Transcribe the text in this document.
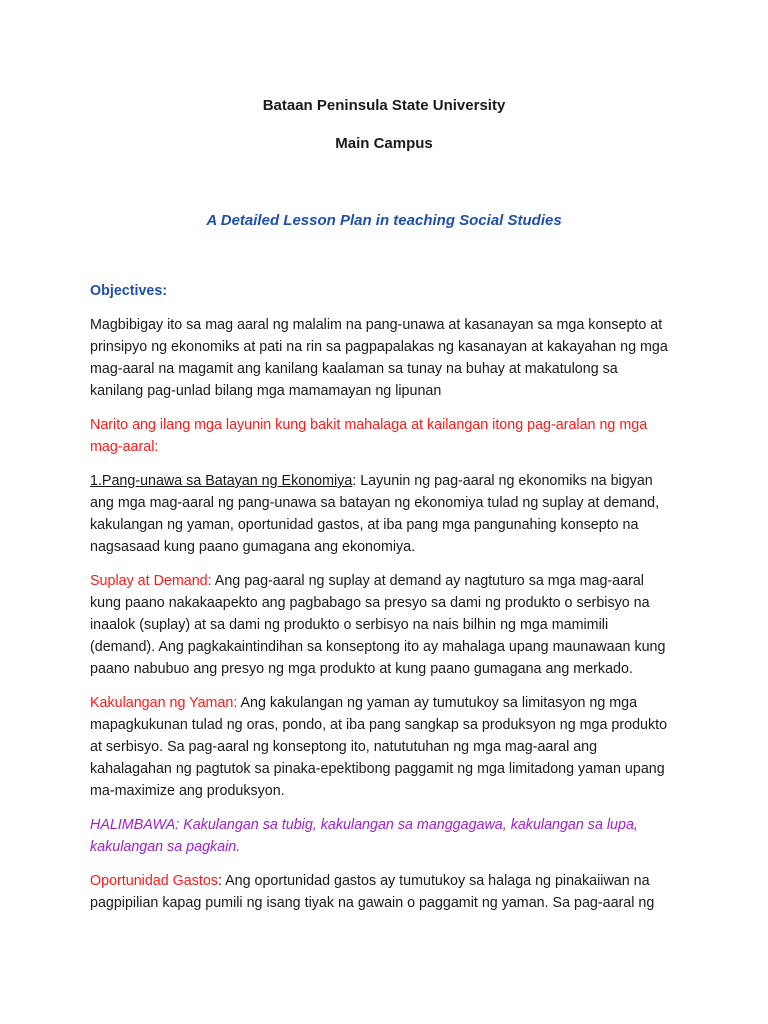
Bataan Peninsula State University
Main Campus
A Detailed Lesson Plan in teaching Social Studies
Objectives:

Magbibigay ito sa mag aaral ng malalim na pang-unawa at kasanayan sa mga konsepto at prinsipyo ng ekonomiks at pati na rin sa pagpapalakas ng kasanayan at kakayahan ng mga mag-aaral na magamit ang kanilang kaalaman sa tunay na buhay at makatulong sa kanilang pag-unlad bilang mga mamamayan ng lipunan

Narito ang ilang mga layunin kung bakit mahalaga at kailangan itong pag-aralan ng mga mag-aaral:

1.Pang-unawa sa Batayan ng Ekonomiya: Layunin ng pag-aaral ng ekonomiks na bigyan ang mga mag-aaral ng pang-unawa sa batayan ng ekonomiya tulad ng suplay at demand, kakulangan ng yaman, oportunidad gastos, at iba pang mga pangunahing konsepto na nagsasaad kung paano gumagana ang ekonomiya.

Suplay at Demand: Ang pag-aaral ng suplay at demand ay nagtuturo sa mga mag-aaral kung paano nakakaapekto ang pagbabago sa presyo sa dami ng produkto o serbisyo na inaalok (suplay) at sa dami ng produkto o serbisyo na nais bilhin ng mga mamimili (demand). Ang pagkakaintindihan sa konseptong ito ay mahalaga upang maunawaan kung paano nabubuo ang presyo ng mga produkto at kung paano gumagana ang merkado.

Kakulangan ng Yaman: Ang kakulangan ng yaman ay tumutukoy sa limitasyon ng mga mapagkukunan tulad ng oras, pondo, at iba pang sangkap sa produksyon ng mga produkto at serbisyo. Sa pag-aaral ng konseptong ito, natututuhan ng mga mag-aaral ang kahalagahan ng pagtutok sa pinaka-epektibong paggamit ng mga limitadong yaman upang ma-maximize ang produksyon.

HALIMBAWA: Kakulangan sa tubig, kakulangan sa manggagawa, kakulangan sa lupa, kakulangan sa pagkain.

Oportunidad Gastos: Ang oportunidad gastos ay tumutukoy sa halaga ng pinakaiiwan na pagpipilian kapag pumili ng isang tiyak na gawain o paggamit ng yaman. Sa pag-aaral ng
